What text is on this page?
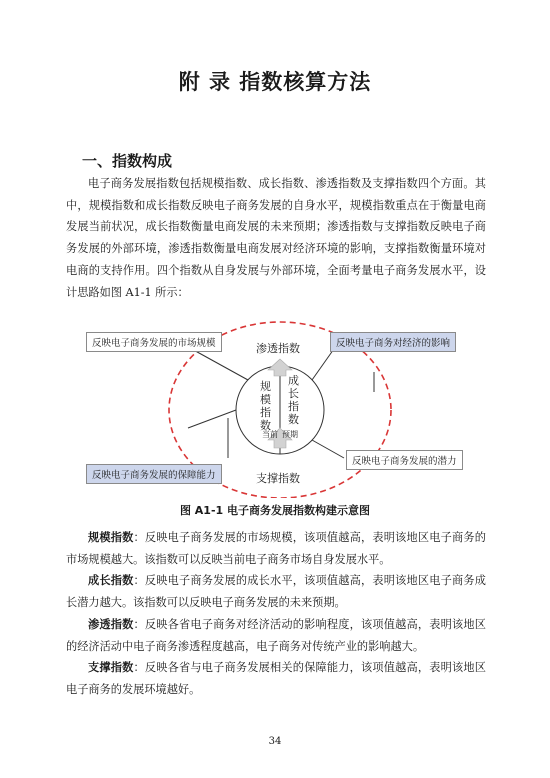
附 录 指数核算方法
一、指数构成

电子商务发展指数包括规模指数、成长指数、渗透指数及支撑指数四个方面。其中，规模指数和成长指数反映电子商务发展的自身水平，规模指数重点在于衡量电商发展当前状况，成长指数衡量电商发展的未来预期；渗透指数与支撑指数反映电子商务发展的外部环境，渗透指数衡量电商发展对经济环境的影响，支撑指数衡量环境对电商的支持作用。四个指数从自身发展与外部环境，全面考量电子商务发展水平，设计思路如图 A1-1 所示：

反映电子商务发展的市场规模	反映电子商务对经济的影响
反映电子商务发展的保障能力
反映电子商务发展的潜力
渗透指数
支撑指数
规模指数
成长指数
当前 预期
图 A1-1 电子商务发展指数构建示意图

规模指数：反映电子商务发展的市场规模，该项值越高，表明该地区电子商务的市场规模越大。该指数可以反映当前电子商务市场自身发展水平。

成长指数：反映电子商务发展的成长水平，该项值越高，表明该地区电子商务成长潜力越大。该指数可以反映电子商务发展的未来预期。

渗透指数：反映各省电子商务对经济活动的影响程度，该项值越高，表明该地区的经济活动中电子商务渗透程度越高，电子商务对传统产业的影响越大。

支撑指数：反映各省与电子商务发展相关的保障能力，该项值越高，表明该地区电子商务的发展环境越好。

34
